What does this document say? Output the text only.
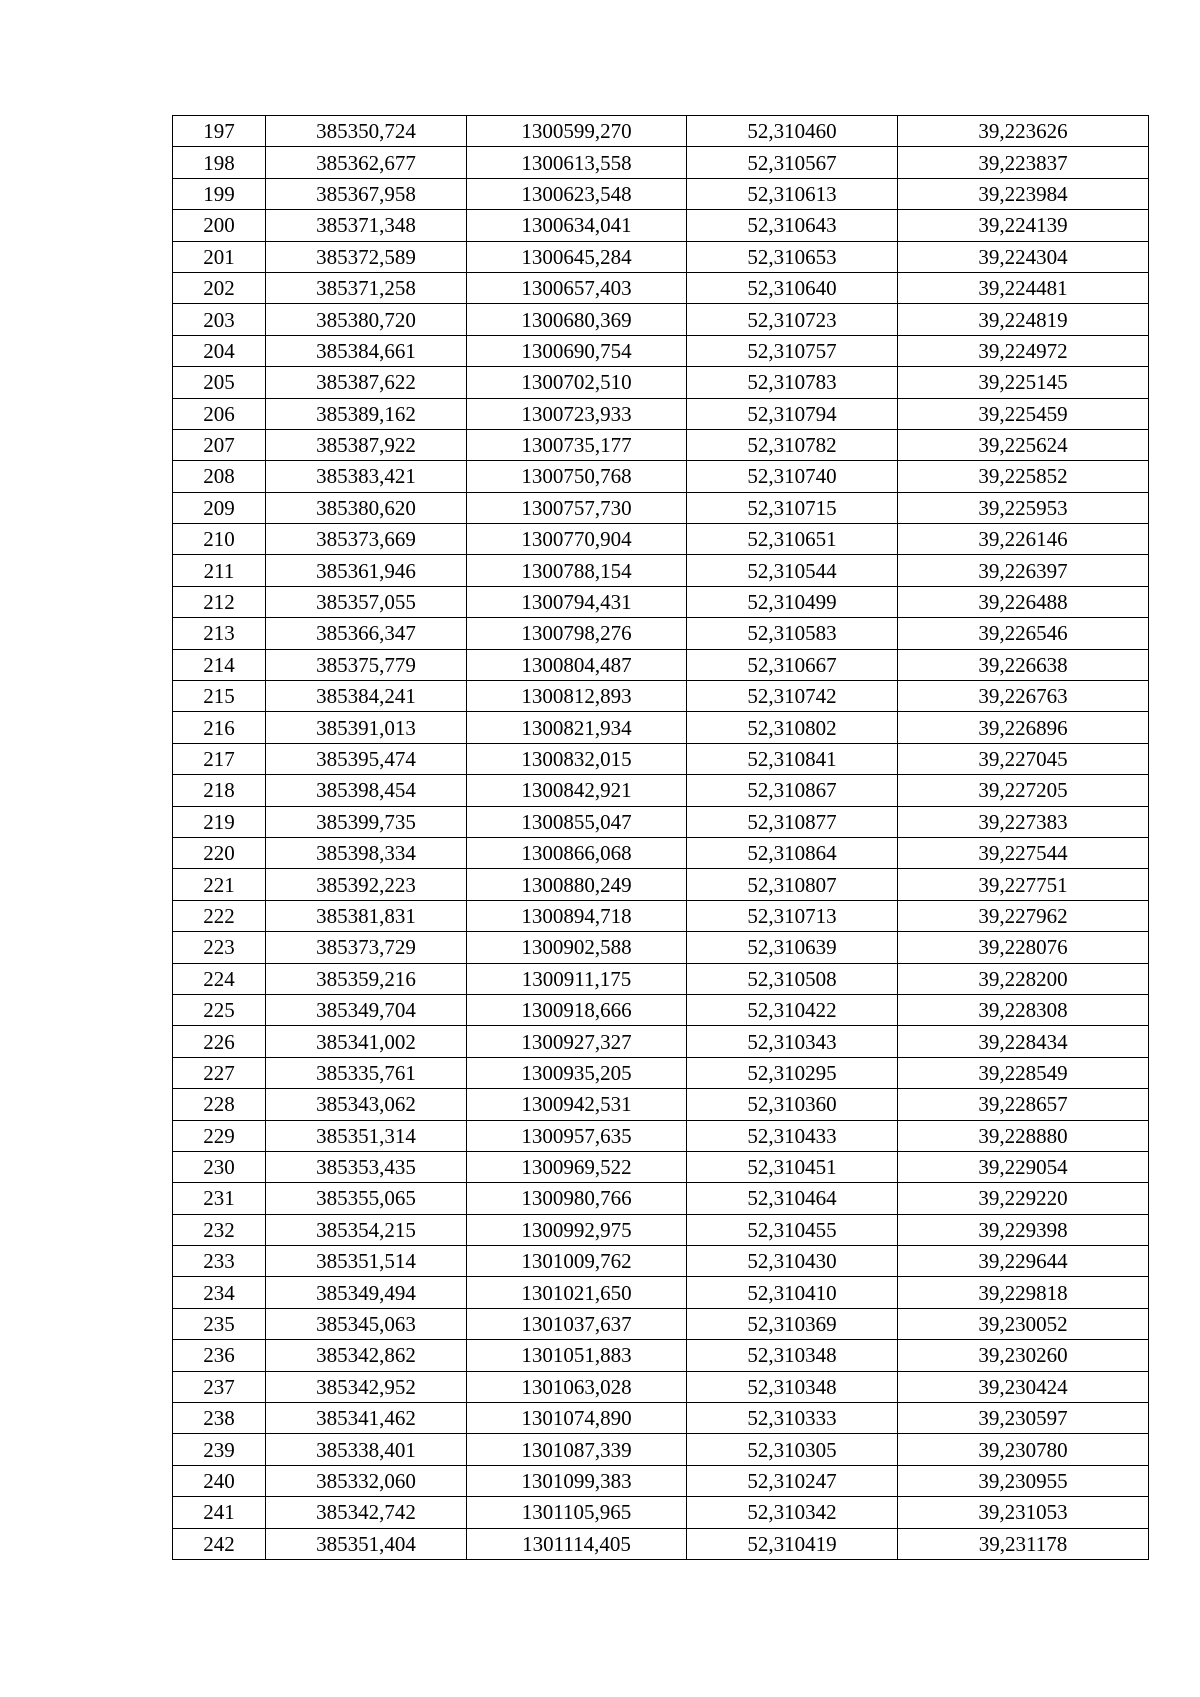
197	385350,724	1300599,270	52,310460	39,223626
198	385362,677	1300613,558	52,310567	39,223837
199	385367,958	1300623,548	52,310613	39,223984
200	385371,348	1300634,041	52,310643	39,224139
201	385372,589	1300645,284	52,310653	39,224304
202	385371,258	1300657,403	52,310640	39,224481
203	385380,720	1300680,369	52,310723	39,224819
204	385384,661	1300690,754	52,310757	39,224972
205	385387,622	1300702,510	52,310783	39,225145
206	385389,162	1300723,933	52,310794	39,225459
207	385387,922	1300735,177	52,310782	39,225624
208	385383,421	1300750,768	52,310740	39,225852
209	385380,620	1300757,730	52,310715	39,225953
210	385373,669	1300770,904	52,310651	39,226146
211	385361,946	1300788,154	52,310544	39,226397
212	385357,055	1300794,431	52,310499	39,226488
213	385366,347	1300798,276	52,310583	39,226546
214	385375,779	1300804,487	52,310667	39,226638
215	385384,241	1300812,893	52,310742	39,226763
216	385391,013	1300821,934	52,310802	39,226896
217	385395,474	1300832,015	52,310841	39,227045
218	385398,454	1300842,921	52,310867	39,227205
219	385399,735	1300855,047	52,310877	39,227383
220	385398,334	1300866,068	52,310864	39,227544
221	385392,223	1300880,249	52,310807	39,227751
222	385381,831	1300894,718	52,310713	39,227962
223	385373,729	1300902,588	52,310639	39,228076
224	385359,216	1300911,175	52,310508	39,228200
225	385349,704	1300918,666	52,310422	39,228308
226	385341,002	1300927,327	52,310343	39,228434
227	385335,761	1300935,205	52,310295	39,228549
228	385343,062	1300942,531	52,310360	39,228657
229	385351,314	1300957,635	52,310433	39,228880
230	385353,435	1300969,522	52,310451	39,229054
231	385355,065	1300980,766	52,310464	39,229220
232	385354,215	1300992,975	52,310455	39,229398
233	385351,514	1301009,762	52,310430	39,229644
234	385349,494	1301021,650	52,310410	39,229818
235	385345,063	1301037,637	52,310369	39,230052
236	385342,862	1301051,883	52,310348	39,230260
237	385342,952	1301063,028	52,310348	39,230424
238	385341,462	1301074,890	52,310333	39,230597
239	385338,401	1301087,339	52,310305	39,230780
240	385332,060	1301099,383	52,310247	39,230955
241	385342,742	1301105,965	52,310342	39,231053
242	385351,404	1301114,405	52,310419	39,231178
